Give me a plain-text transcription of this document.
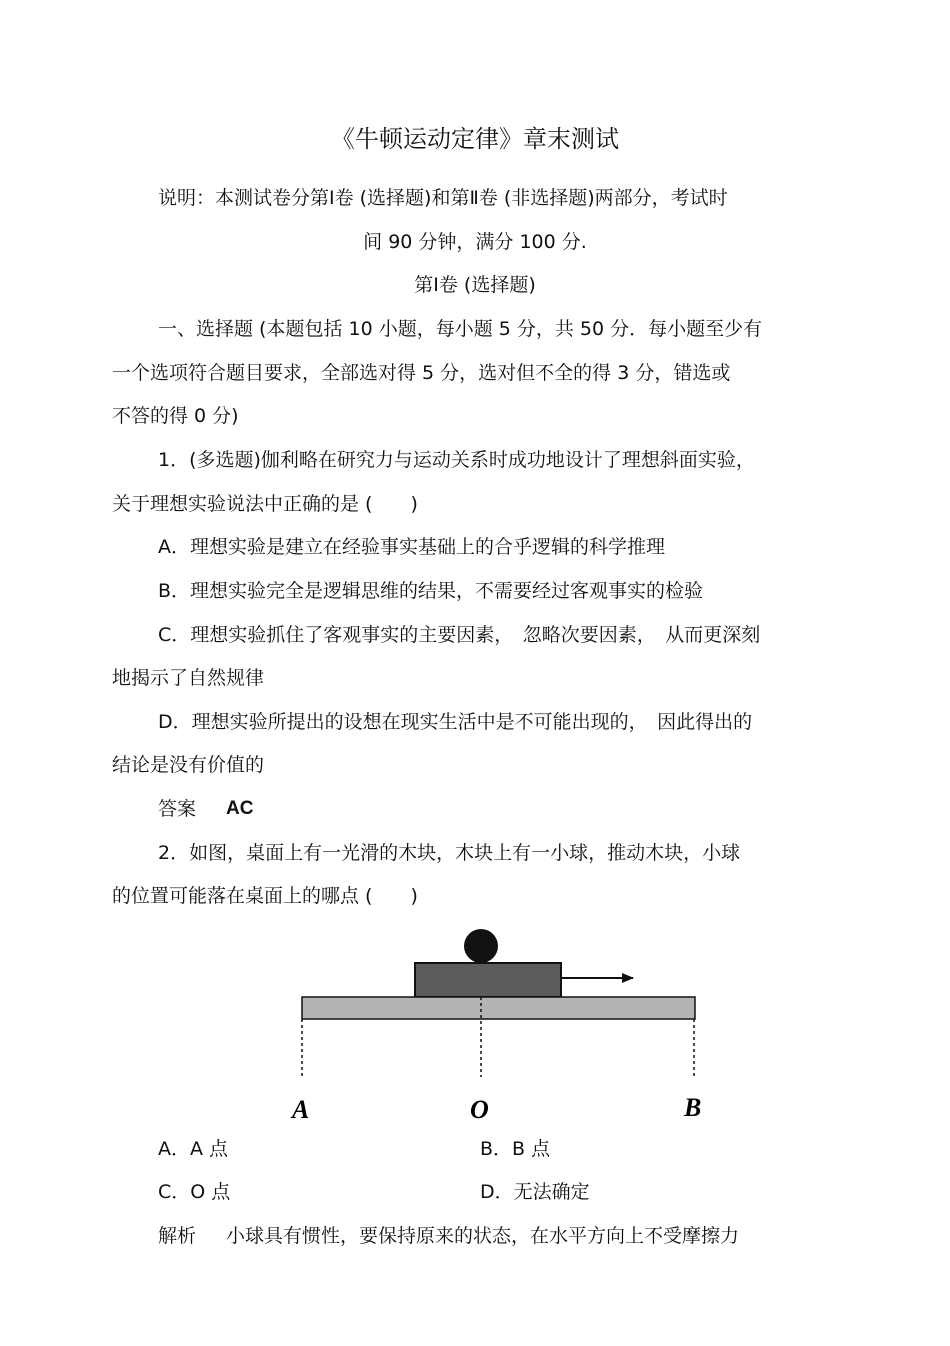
《牛顿运动定律》章末测试
说明：本测试卷分第Ⅰ卷 (选择题)和第Ⅱ卷 (非选择题)两部分，考试时
间 90 分钟，满分 100 分.
第Ⅰ卷 (选择题)
一、选择题 (本题包括 10 小题，每小题 5 分，共 50 分．每小题至少有
一个选项符合题目要求，全部选对得 5 分，选对但不全的得 3 分，错选或
不答的得 0 分)
1．(多选题)伽利略在研究力与运动关系时成功地设计了理想斜面实验，
关于理想实验说法中正确的是 (　　)
A．理想实验是建立在经验事实基础上的合乎逻辑的科学推理
B．理想实验完全是逻辑思维的结果，不需要经过客观事实的检验
C．理想实验抓住了客观事实的主要因素，　忽略次要因素，　从而更深刻
地揭示了自然规律
D．理想实验所提出的设想在现实生活中是不可能出现的，　因此得出的
结论是没有价值的
答案 AC
2．如图，桌面上有一光滑的木块，木块上有一小球，推动木块，小球
的位置可能落在桌面上的哪点 (　　)
A	O	B
A．A 点	B．B 点
C．O 点	D．无法确定
解析 小球具有惯性，要保持原来的状态，在水平方向上不受摩擦力
